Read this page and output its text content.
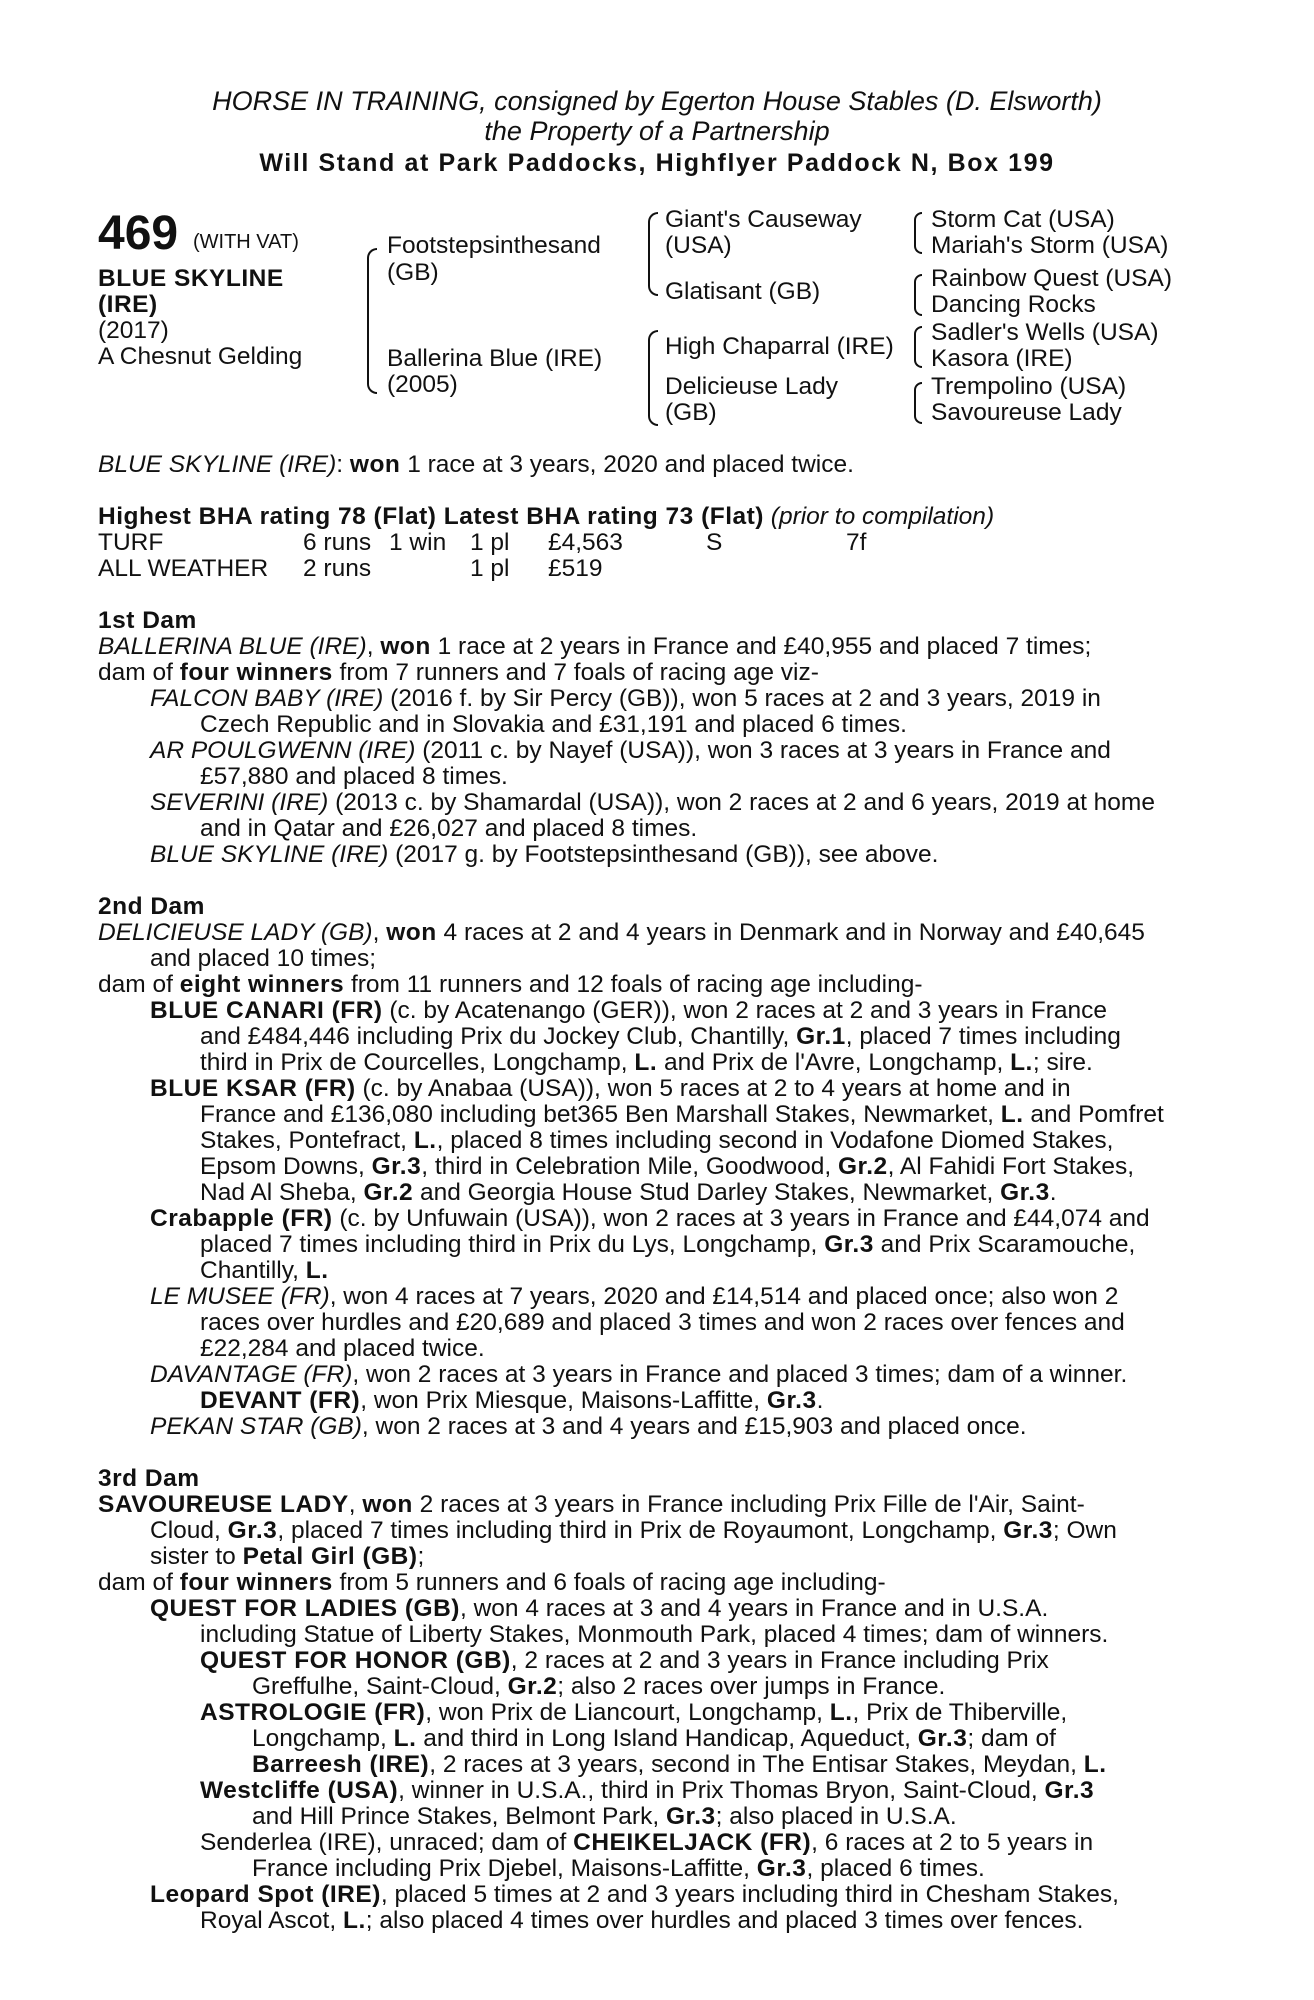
HORSE IN TRAINING, consigned by Egerton House Stables (D. Elsworth)
the Property of a Partnership
Will Stand at Park Paddocks, Highflyer Paddock N, Box 199
469 (WITH VAT)
BLUE SKYLINE
(IRE)
(2017)
A Chesnut Gelding
Footstepsinthesand
(GB)
Ballerina Blue (IRE)
(2005)
Giant's Causeway
(USA)
Glatisant (GB)
High Chaparral (IRE)
Delicieuse Lady
(GB)
Storm Cat (USA)
Mariah's Storm (USA)
Rainbow Quest (USA)
Dancing Rocks
Sadler's Wells (USA)
Kasora (IRE)
Trempolino (USA)
Savoureuse Lady
BLUE SKYLINE (IRE): won 1 race at 3 years, 2020 and placed twice.
Highest BHA rating 78 (Flat) Latest BHA rating 73 (Flat) (prior to compilation)
TURF	6 runs 1 win 1 pl £4,563	S	7f
ALL WEATHER 2 runs	1 pl £519
1st Dam
BALLERINA BLUE (IRE), won 1 race at 2 years in France and £40,955 and placed 7 times;
dam of four winners from 7 runners and 7 foals of racing age viz-
FALCON BABY (IRE) (2016 f. by Sir Percy (GB)), won 5 races at 2 and 3 years, 2019 in
Czech Republic and in Slovakia and £31,191 and placed 6 times.
AR POULGWENN (IRE) (2011 c. by Nayef (USA)), won 3 races at 3 years in France and
£57,880 and placed 8 times.
SEVERINI (IRE) (2013 c. by Shamardal (USA)), won 2 races at 2 and 6 years, 2019 at home
and in Qatar and £26,027 and placed 8 times.
BLUE SKYLINE (IRE) (2017 g. by Footstepsinthesand (GB)), see above.
2nd Dam
DELICIEUSE LADY (GB), won 4 races at 2 and 4 years in Denmark and in Norway and £40,645
and placed 10 times;
dam of eight winners from 11 runners and 12 foals of racing age including-
BLUE CANARI (FR) (c. by Acatenango (GER)), won 2 races at 2 and 3 years in France
and £484,446 including Prix du Jockey Club, Chantilly, Gr.1, placed 7 times including
third in Prix de Courcelles, Longchamp, L. and Prix de l'Avre, Longchamp, L.; sire.
BLUE KSAR (FR) (c. by Anabaa (USA)), won 5 races at 2 to 4 years at home and in
France and £136,080 including bet365 Ben Marshall Stakes, Newmarket, L. and Pomfret
Stakes, Pontefract, L., placed 8 times including second in Vodafone Diomed Stakes,
Epsom Downs, Gr.3, third in Celebration Mile, Goodwood, Gr.2, Al Fahidi Fort Stakes,
Nad Al Sheba, Gr.2 and Georgia House Stud Darley Stakes, Newmarket, Gr.3.
Crabapple (FR) (c. by Unfuwain (USA)), won 2 races at 3 years in France and £44,074 and
placed 7 times including third in Prix du Lys, Longchamp, Gr.3 and Prix Scaramouche,
Chantilly, L.
LE MUSEE (FR), won 4 races at 7 years, 2020 and £14,514 and placed once; also won 2
races over hurdles and £20,689 and placed 3 times and won 2 races over fences and
£22,284 and placed twice.
DAVANTAGE (FR), won 2 races at 3 years in France and placed 3 times; dam of a winner.
DEVANT (FR), won Prix Miesque, Maisons-Laffitte, Gr.3.
PEKAN STAR (GB), won 2 races at 3 and 4 years and £15,903 and placed once.
3rd Dam
SAVOUREUSE LADY, won 2 races at 3 years in France including Prix Fille de l'Air, Saint-
Cloud, Gr.3, placed 7 times including third in Prix de Royaumont, Longchamp, Gr.3; Own
sister to Petal Girl (GB);
dam of four winners from 5 runners and 6 foals of racing age including-
QUEST FOR LADIES (GB), won 4 races at 3 and 4 years in France and in U.S.A.
including Statue of Liberty Stakes, Monmouth Park, placed 4 times; dam of winners.
QUEST FOR HONOR (GB), 2 races at 2 and 3 years in France including Prix
Greffulhe, Saint-Cloud, Gr.2; also 2 races over jumps in France.
ASTROLOGIE (FR), won Prix de Liancourt, Longchamp, L., Prix de Thiberville,
Longchamp, L. and third in Long Island Handicap, Aqueduct, Gr.3; dam of
Barreesh (IRE), 2 races at 3 years, second in The Entisar Stakes, Meydan, L.
Westcliffe (USA), winner in U.S.A., third in Prix Thomas Bryon, Saint-Cloud, Gr.3
and Hill Prince Stakes, Belmont Park, Gr.3; also placed in U.S.A.
Senderlea (IRE), unraced; dam of CHEIKELJACK (FR), 6 races at 2 to 5 years in
France including Prix Djebel, Maisons-Laffitte, Gr.3, placed 6 times.
Leopard Spot (IRE), placed 5 times at 2 and 3 years including third in Chesham Stakes,
Royal Ascot, L.; also placed 4 times over hurdles and placed 3 times over fences.
